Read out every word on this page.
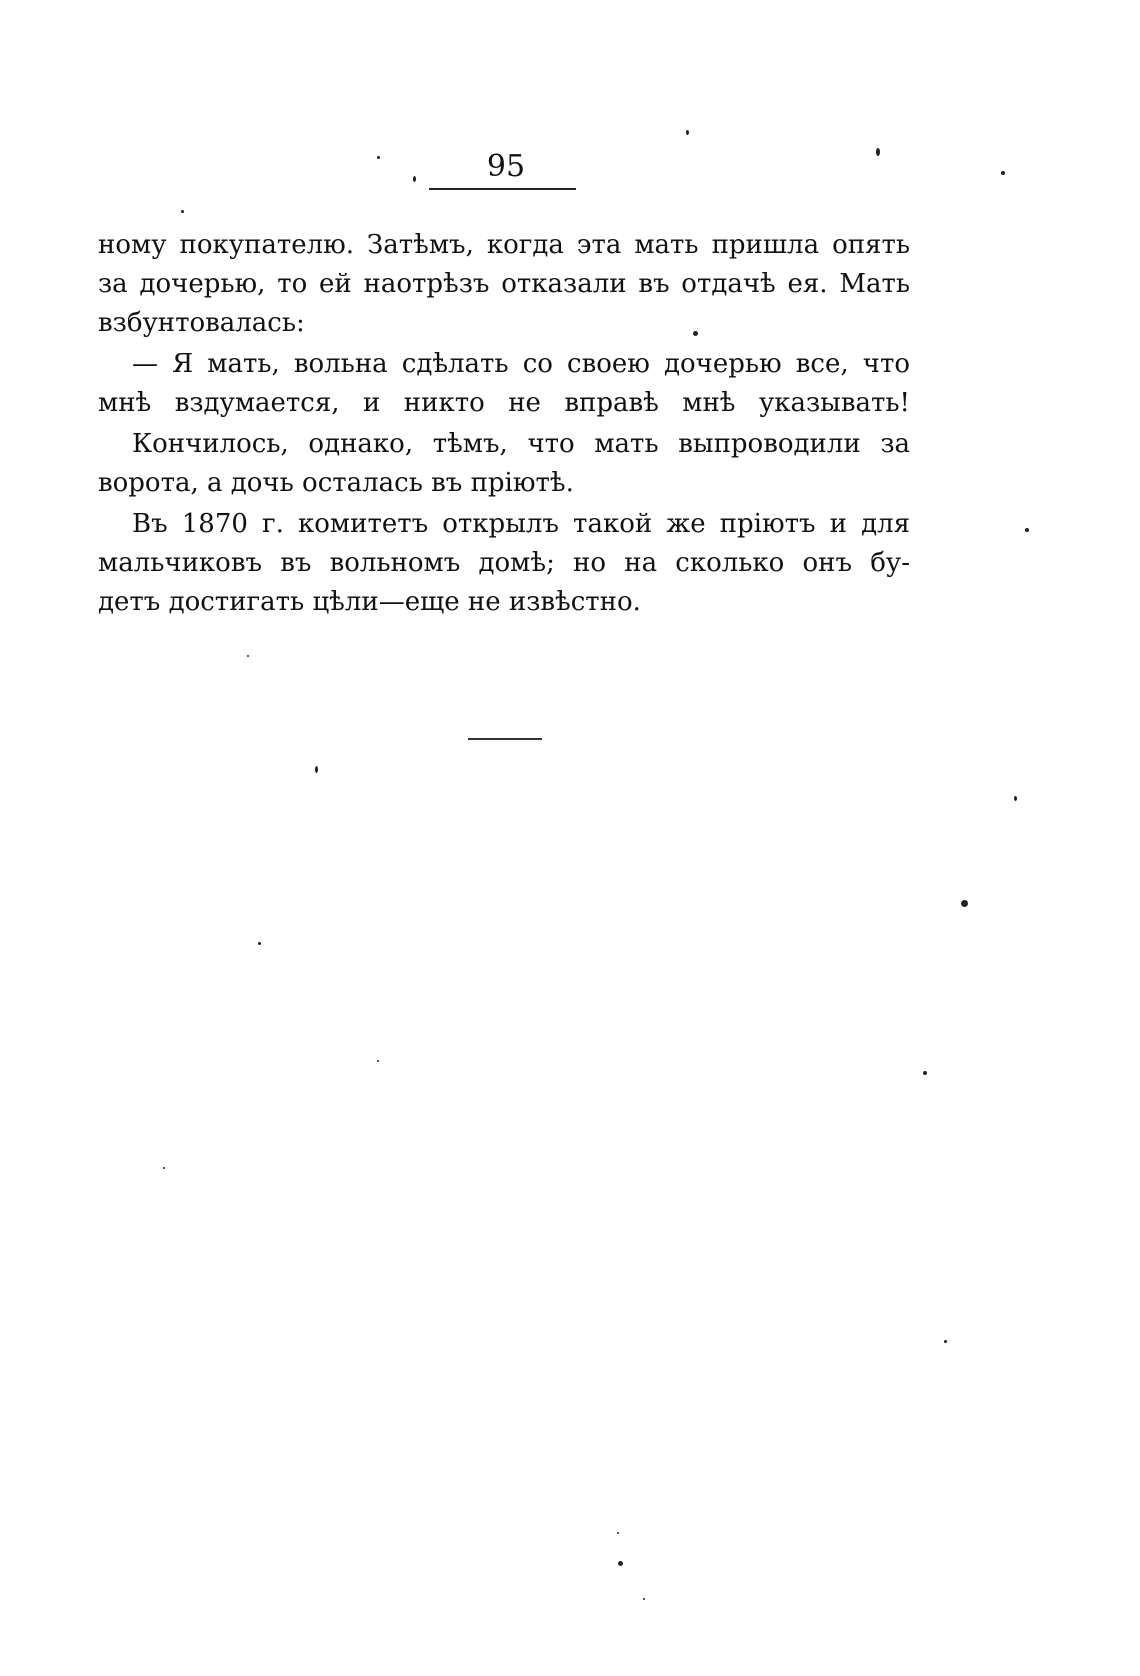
95
ному покупателю. Затѣмъ, когда эта мать пришла опять
за дочерью, то ей наотрѣзъ отказали въ отдачѣ ея. Мать
взбунтовалась:
— Я мать, вольна сдѣлать со своею дочерью все, что
мнѣ вздумается, и никто не вправѣ мнѣ указывать!
Кончилось, однако, тѣмъ, что мать выпроводили за
ворота, а дочь осталась въ пріютѣ.
Въ 1870 г. комитетъ открылъ такой же пріютъ и для
мальчиковъ въ вольномъ домѣ; но на сколько онъ бу-
детъ достигать цѣли—еще не извѣстно.
